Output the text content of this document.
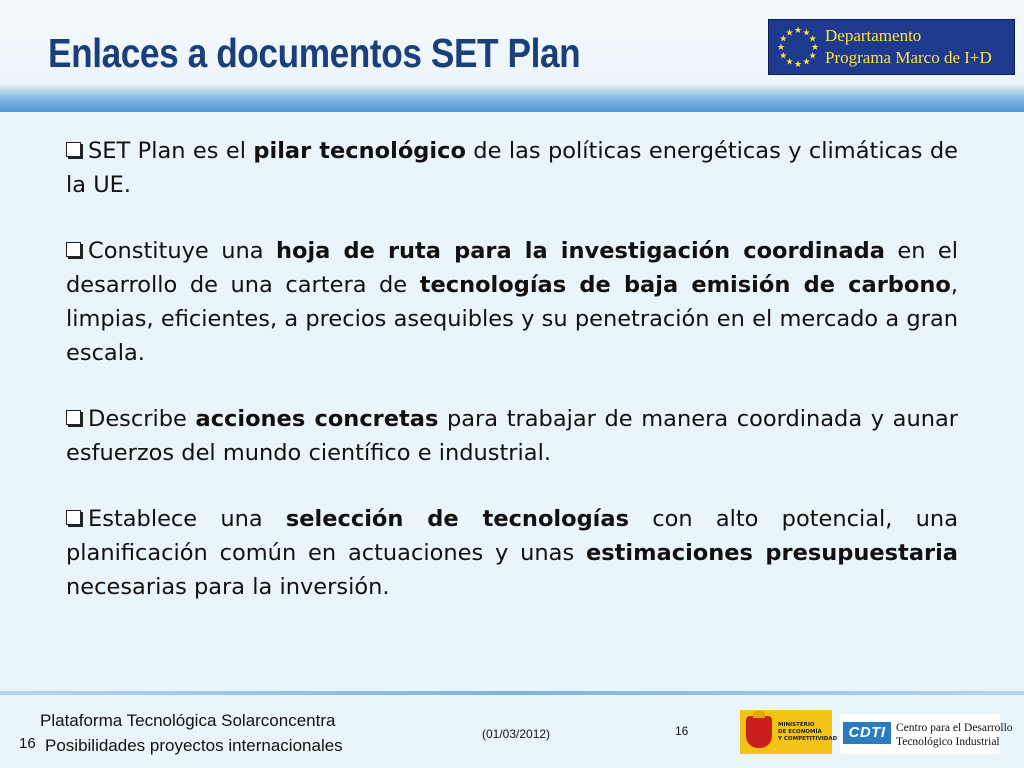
Enlaces a documentos SET Plan	★ ★
★
★
★
★
★
★
★
★
★
★ Departamento
Programa Marco de I+D

SET Plan es el pilar tecnológico de las políticas energéticas y climáticas de la UE.

Constituye una hoja de ruta para la investigación coordinada en el desarrollo de una cartera de tecnologías de baja emisión de carbono, limpias, eficientes, a precios asequibles y su penetración en el mercado a gran escala.

Describe acciones concretas para trabajar de manera coordinada y aunar esfuerzos del mundo científico e industrial.

Establece una selección de tecnologías con alto potencial, una planificación común en actuaciones y unas estimaciones presupuestaria necesarias para la inversión.

16
Plataforma Tecnológica Solarconcentra
Posibilidades proyectos internacionales
(01/03/2012)	16	MINISTERIO
DE ECONOMÍA
Y COMPETITIVIDAD CDTI Centro para el Desarrollo
Tecnológico Industrial
